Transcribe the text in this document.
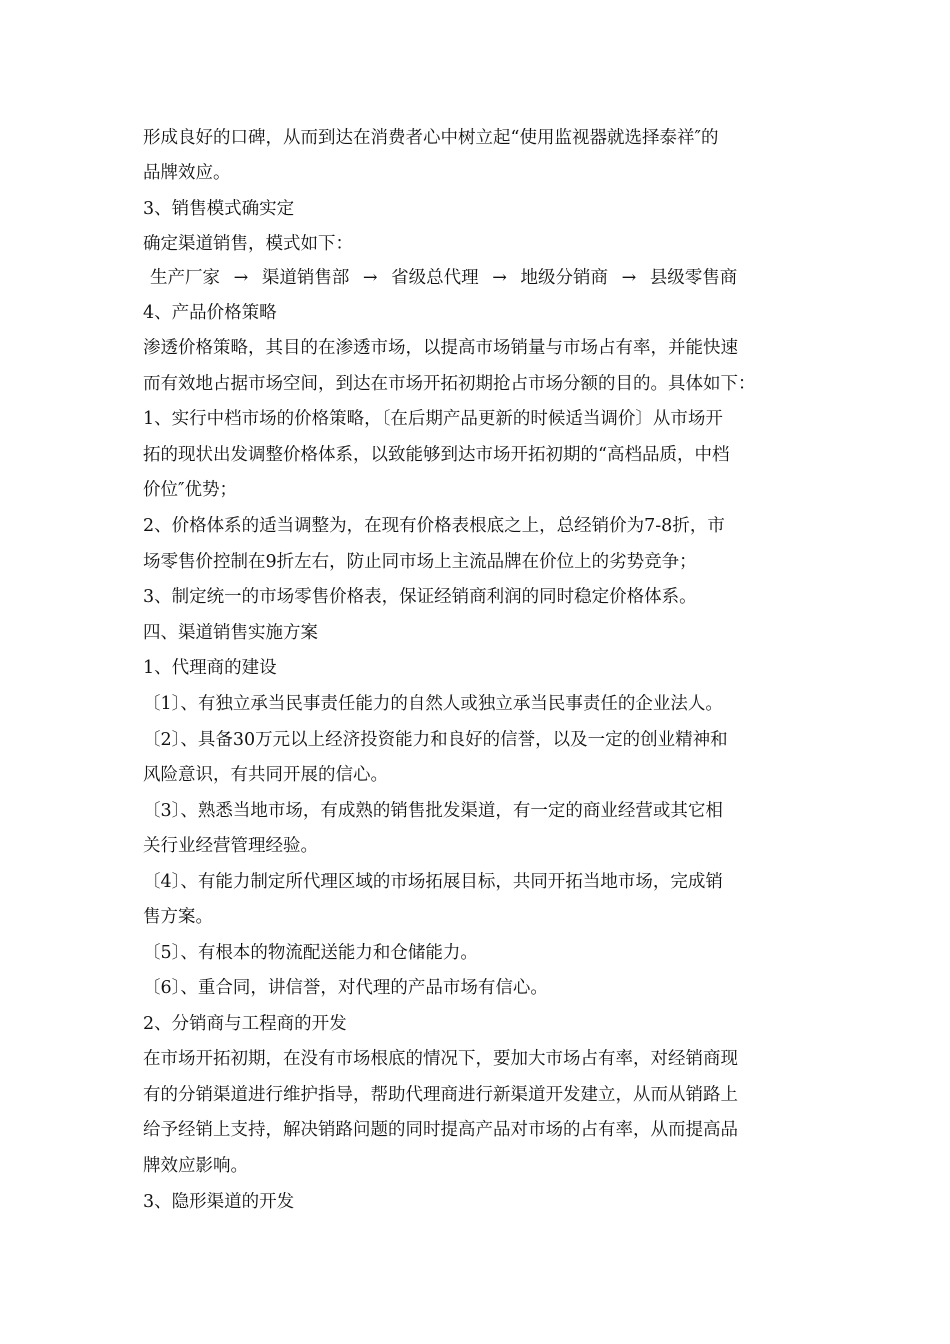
形成良好的口碑，从而到达在消费者心中树立起“使用监视器就选择泰祥″的
品牌效应。
3、销售模式确实定
确定渠道销售，模式如下：
生产厂家 → 渠道销售部 → 省级总代理 → 地级分销商 → 县级零售商
4、产品价格策略
渗透价格策略，其目的在渗透市场，以提高市场销量与市场占有率，并能快速
而有效地占据市场空间，到达在市场开拓初期抢占市场分额的目的。具体如下：
1、实行中档市场的价格策略，〔在后期产品更新的时候适当调价〕从市场开
拓的现状出发调整价格体系，以致能够到达市场开拓初期的“高档品质，中档
价位″优势；
2、价格体系的适当调整为，在现有价格表根底之上，总经销价为7-8折，市
场零售价控制在9折左右，防止同市场上主流品牌在价位上的劣势竞争；
3、制定统一的市场零售价格表，保证经销商利润的同时稳定价格体系。
四、渠道销售实施方案
1、代理商的建设
〔1〕、有独立承当民事责任能力的自然人或独立承当民事责任的企业法人。
〔2〕、具备30万元以上经济投资能力和良好的信誉，以及一定的创业精神和
风险意识，有共同开展的信心。
〔3〕、熟悉当地市场，有成熟的销售批发渠道，有一定的商业经营或其它相
关行业经营管理经验。
〔4〕、有能力制定所代理区域的市场拓展目标，共同开拓当地市场，完成销
售方案。
〔5〕、有根本的物流配送能力和仓储能力。
〔6〕、重合同，讲信誉，对代理的产品市场有信心。
2、分销商与工程商的开发
在市场开拓初期，在没有市场根底的情况下，要加大市场占有率，对经销商现
有的分销渠道进行维护指导，帮助代理商进行新渠道开发建立，从而从销路上
给予经销上支持，解决销路问题的同时提高产品对市场的占有率，从而提高品
牌效应影响。
3、隐形渠道的开发
